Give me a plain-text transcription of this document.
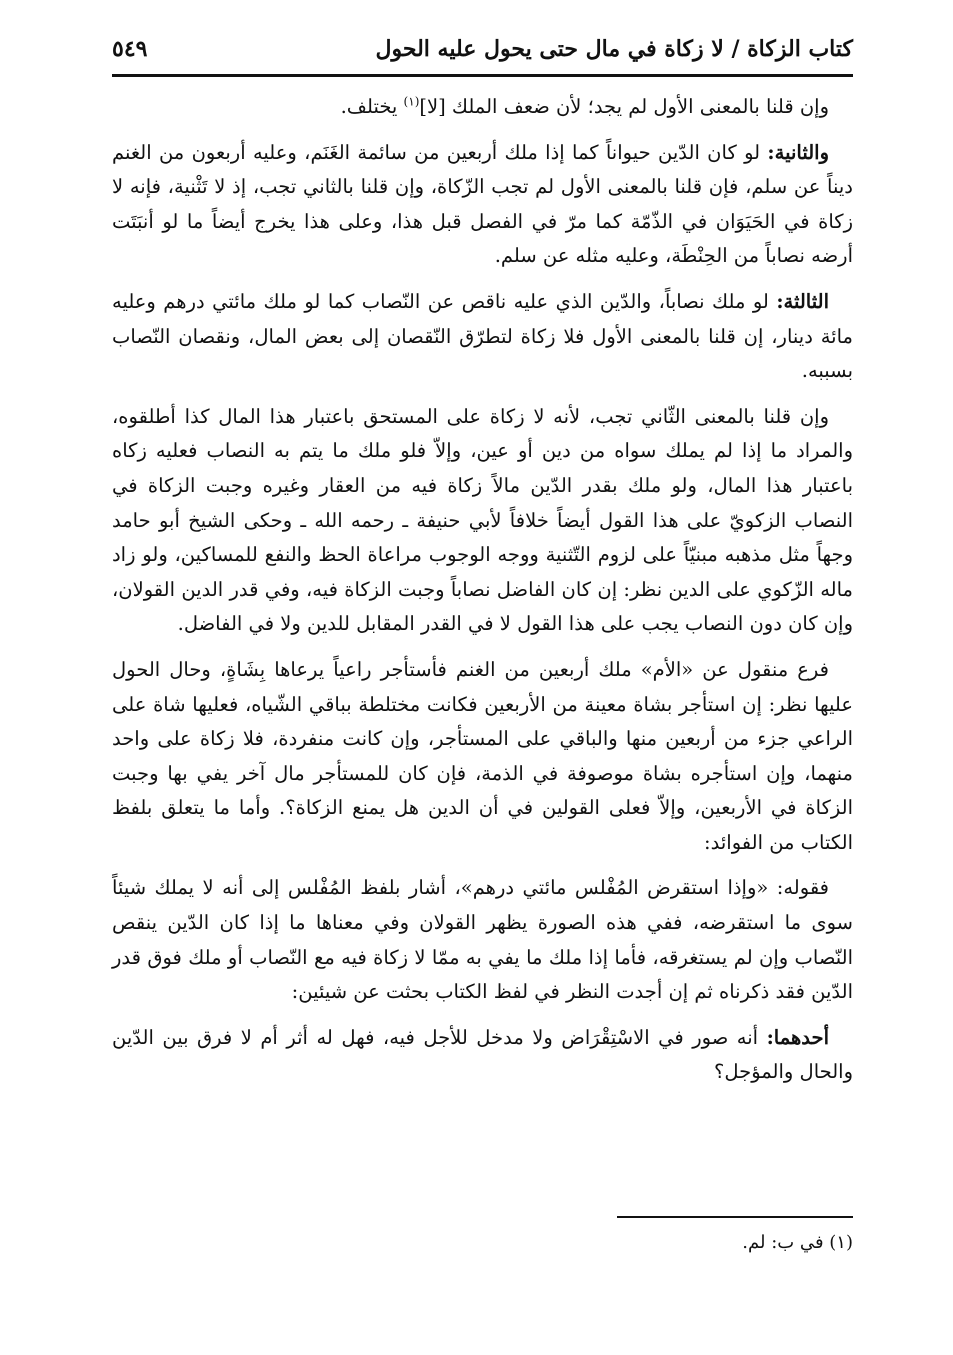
كتاب الزكاة / لا زكاة في مال حتى يحول عليه الحول
٥٤٩

وإن قلنا بالمعنى الأول لم يجد؛ لأن ضعف الملك [لا]$^{(١)}$ يختلف.

والثانية: لو كان الدّين حيواناً كما إذا ملك أربعين من سائمة الغَنَم، وعليه أربعون من الغنم ديناً عن سلم، فإن قلنا بالمعنى الأول لم تجب الزّكاة، وإن قلنا بالثاني تجب، إذ لا تَثْنية، فإنه لا زكاة في الحَيَوَان في الذّمّة كما مرّ في الفصل قبل هذا، وعلى هذا يخرج أيضاً ما لو أنبَتَت أرضه نصاباً من الحِنْطَة، وعليه مثله عن سلم.

الثالثة: لو ملك نصاباً، والدّين الذي عليه ناقص عن النّصاب كما لو ملك مائتي درهم وعليه مائة دينار، إن قلنا بالمعنى الأول فلا زكاة لتطرّق النّقصان إلى بعض المال، ونقصان النّصاب بسببه.

وإن قلنا بالمعنى الثّاني تجب، لأنه لا زكاة على المستحق باعتبار هذا المال كذا أطلقوه، والمراد ما إذا لم يملك سواه من دين أو عين، وإلاّ فلو ملك ما يتم به النصاب فعليه زكاه باعتبار هذا المال، ولو ملك بقدر الدّين مالاً زكاة فيه من العقار وغيره وجبت الزكاة في النصاب الزكويّ على هذا القول أيضاً خلافاً لأبي حنيفة ـ رحمه الله ـ وحكى الشيخ أبو حامد وجهاً مثل مذهبه مبنيّاً على لزوم التّثنية ووجه الوجوب مراعاة الحظ والنفع للمساكين، ولو زاد ماله الزّكوي على الدين نظر: إن كان الفاضل نصاباً وجبت الزكاة فيه، وفي قدر الدين القولان، وإن كان دون النصاب يجب على هذا القول لا في القدر المقابل للدين ولا في الفاضل.

فرع منقول عن «الأم» ملك أربعين من الغنم فأستأجر راعياً يرعاها بِشَاةٍ، وحال الحول عليها نظر: إن استأجر بشاة معينة من الأربعين فكانت مختلطة بباقي الشّياه، فعليها شاة على الراعي جزء من أربعين منها والباقي على المستأجر، وإن كانت منفردة، فلا زكاة على واحد منهما، وإن استأجره بشاة موصوفة في الذمة، فإن كان للمستأجر مال آخر يفي بها وجبت الزكاة في الأربعين، وإلاّ فعلى القولين في أن الدين هل يمنع الزكاة؟. وأما ما يتعلق بلفظ الكتاب من الفوائد:

فقوله: «وإذا استقرض المُفْلس مائتي درهم»، أشار بلفظ المُفْلس إلى أنه لا يملك شيئاً سوى ما استقرضه، ففي هذه الصورة يظهر القولان وفي معناها ما إذا كان الدّين ينقص النّصاب وإن لم يستغرقه، فأما إذا ملك ما يفي به ممّا لا زكاة فيه مع النّصاب أو ملك فوق قدر الدّين فقد ذكرناه ثم إن أجدت النظر في لفظ الكتاب بحثت عن شيئين:

أحدهما: أنه صور في الاسْتِقْرَاض ولا مدخل للأجل فيه، فهل له أثر أم لا فرق بين الدّين والحال والمؤجل؟

(١) في ب: لم.
